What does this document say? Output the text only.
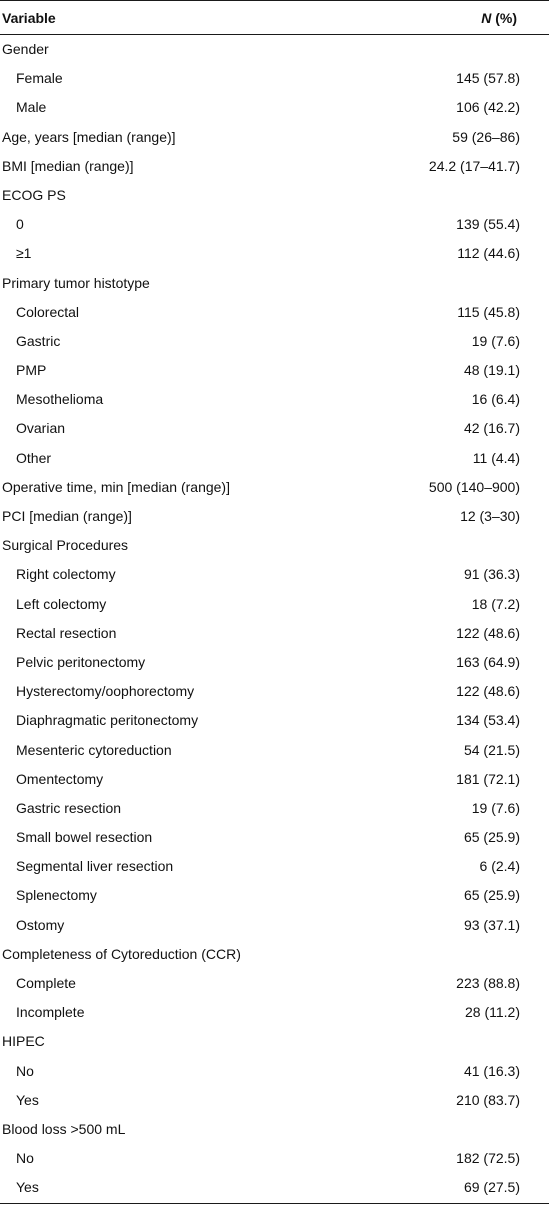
Variable	N (%)
Gender
Female	145 (57.8)
Male	106 (42.2)
Age, years [median (range)]	59 (26–86)
BMI [median (range)]	24.2 (17–41.7)
ECOG PS
0	139 (55.4)
≥1	112 (44.6)
Primary tumor histotype
Colorectal	115 (45.8)
Gastric	19 (7.6)
PMP	48 (19.1)
Mesothelioma	16 (6.4)
Ovarian	42 (16.7)
Other	11 (4.4)
Operative time, min [median (range)]	500 (140–900)
PCI [median (range)]	12 (3–30)
Surgical Procedures
Right colectomy	91 (36.3)
Left colectomy	18 (7.2)
Rectal resection	122 (48.6)
Pelvic peritonectomy	163 (64.9)
Hysterectomy/oophorectomy	122 (48.6)
Diaphragmatic peritonectomy	134 (53.4)
Mesenteric cytoreduction	54 (21.5)
Omentectomy	181 (72.1)
Gastric resection	19 (7.6)
Small bowel resection	65 (25.9)
Segmental liver resection	6 (2.4)
Splenectomy	65 (25.9)
Ostomy	93 (37.1)
Completeness of Cytoreduction (CCR)
Complete	223 (88.8)
Incomplete	28 (11.2)
HIPEC
No	41 (16.3)
Yes	210 (83.7)
Blood loss >500 mL
No	182 (72.5)
Yes	69 (27.5)
